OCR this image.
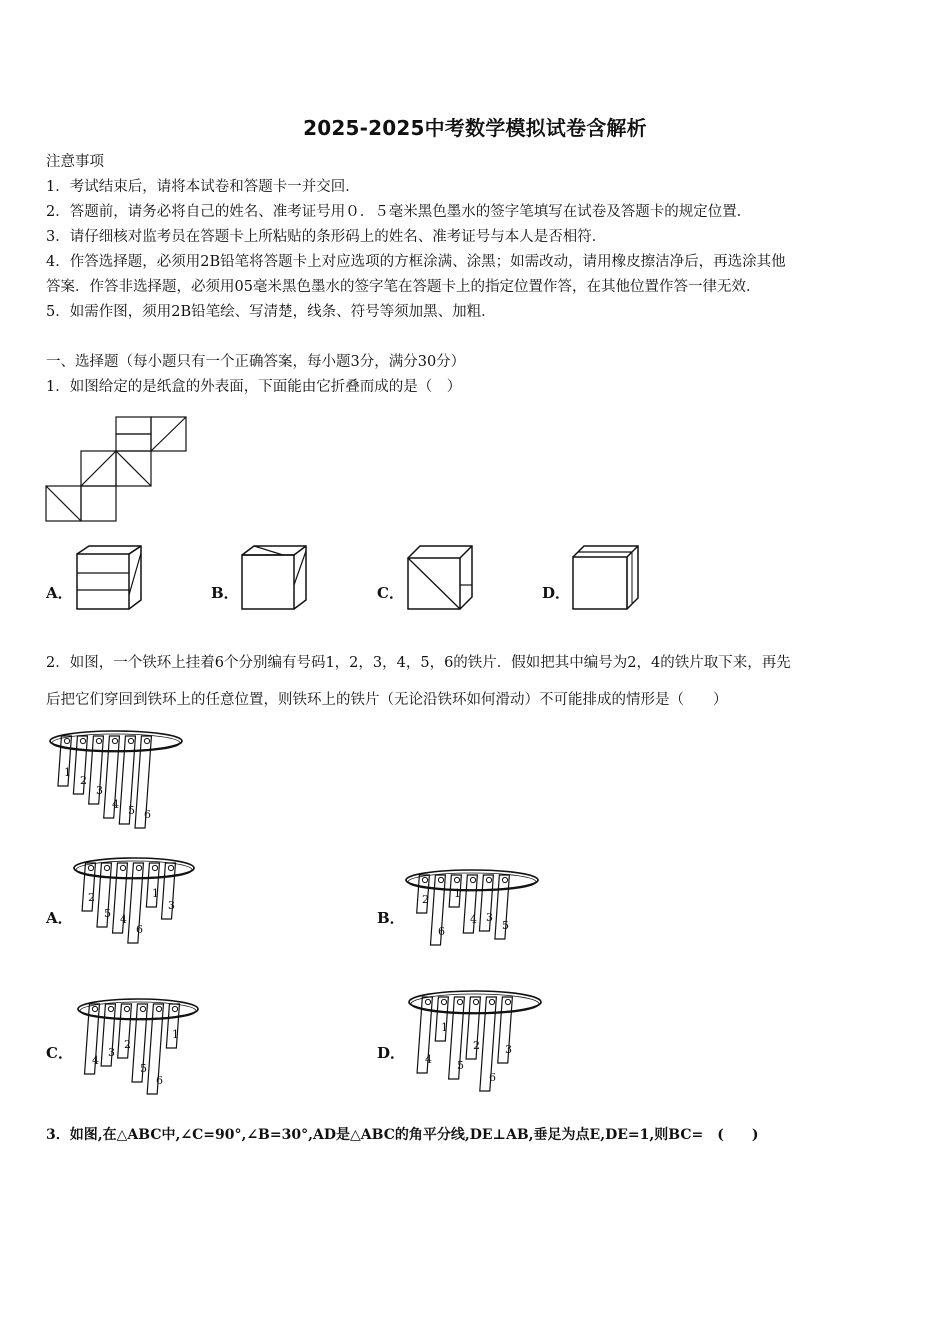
2025-2025中考数学模拟试卷含解析
注意事项
1．考试结束后，请将本试卷和答题卡一并交回．
2．答题前，请务必将自己的姓名、准考证号用０．５毫米黑色墨水的签字笔填写在试卷及答题卡的规定位置．
3．请仔细核对监考员在答题卡上所粘贴的条形码上的姓名、准考证号与本人是否相符．
4．作答选择题，必须用2B铅笔将答题卡上对应选项的方框涂满、涂黑；如需改动，请用橡皮擦洁净后，再选涂其他
答案．作答非选择题，必须用05毫米黑色墨水的签字笔在答题卡上的指定位置作答，在其他位置作答一律无效．
5．如需作图，须用2B铅笔绘、写清楚，线条、符号等须加黑、加粗．
一、选择题（每小题只有一个正确答案，每小题3分，满分30分）
1．如图给定的是纸盒的外表面，下面能由它折叠而成的是（　）
A．	B．	C．	D．
2．如图，一个铁环上挂着6个分别编有号码1，2，3，4，5，6的铁片．假如把其中编号为2，4的铁片取下来，再先
后把它们穿回到铁环上的任意位置，则铁环上的铁片（无论沿铁环如何滑动）不可能排成的情形是（　　）
1
2
3
4 5 6
A．
2
5 4
6
1
3
B．
2
6
1
4 3
5
C． 4
3
2
5
6
1
D． 4
1
5
2
6
3
3．如图,在△ABC中,∠C=90°,∠B=30°,AD是△ABC的角平分线,DE⊥AB,垂足为点E,DE=1,则BC=　(　　)
